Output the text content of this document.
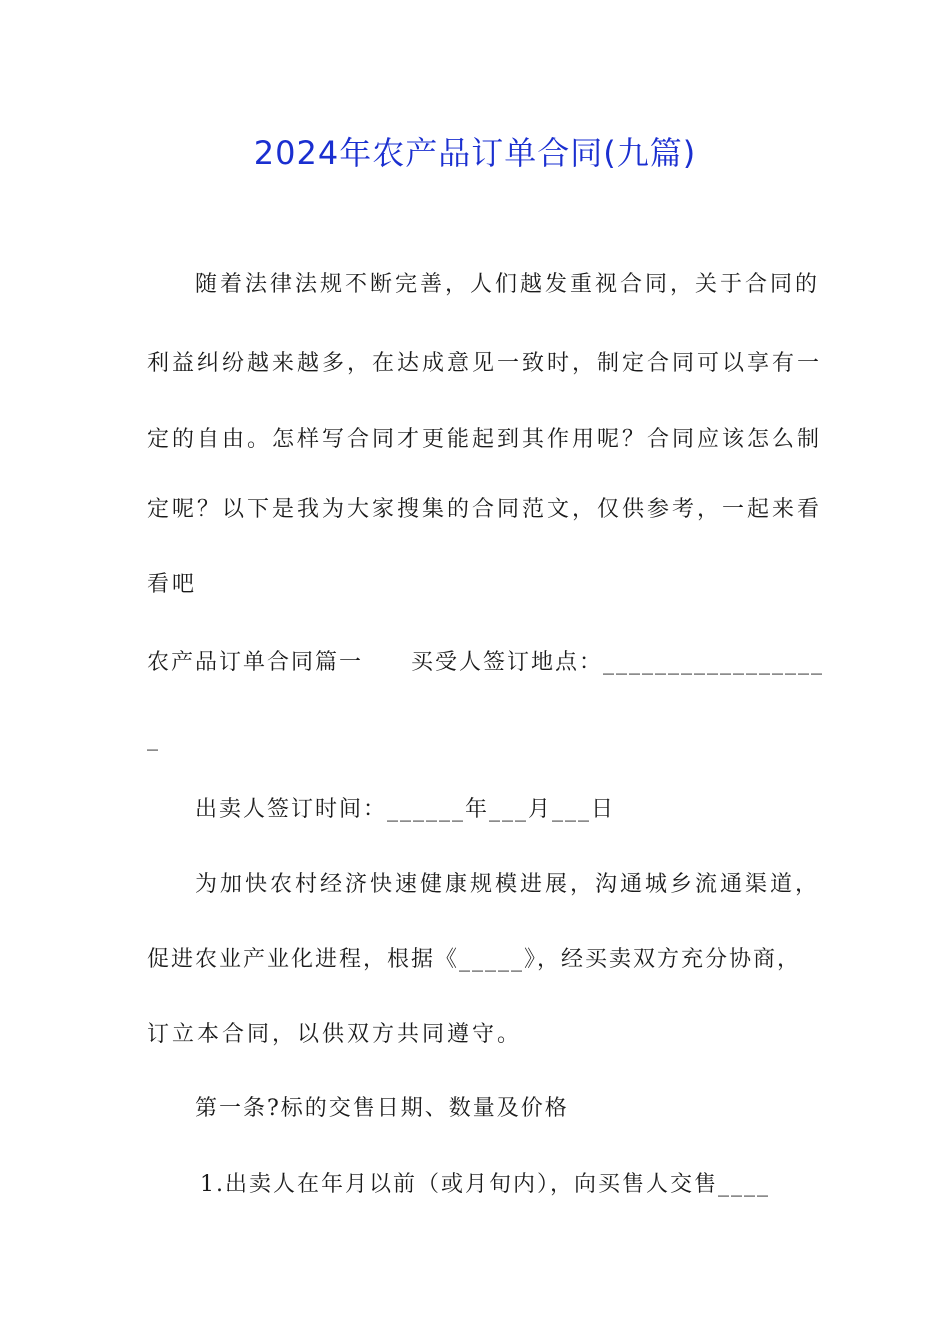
2024年农产品订单合同(九篇)
随着法律法规不断完善，人们越发重视合同，关于合同的
利益纠纷越来越多，在达成意见一致时，制定合同可以享有一
定的自由。怎样写合同才更能起到其作用呢？合同应该怎么制
定呢？以下是我为大家搜集的合同范文，仅供参考，一起来看
看吧
农产品订单合同篇一　　买受人签订地点：_________________
_
出卖人签订时间：______年___月___日
为加快农村经济快速健康规模进展，沟通城乡流通渠道，
促进农业产业化进程，根据《_____》，经买卖双方充分协商，
订立本合同，以供双方共同遵守。
第一条?标的交售日期、数量及价格
1.出卖人在年月以前（或月旬内），向买售人交售____
